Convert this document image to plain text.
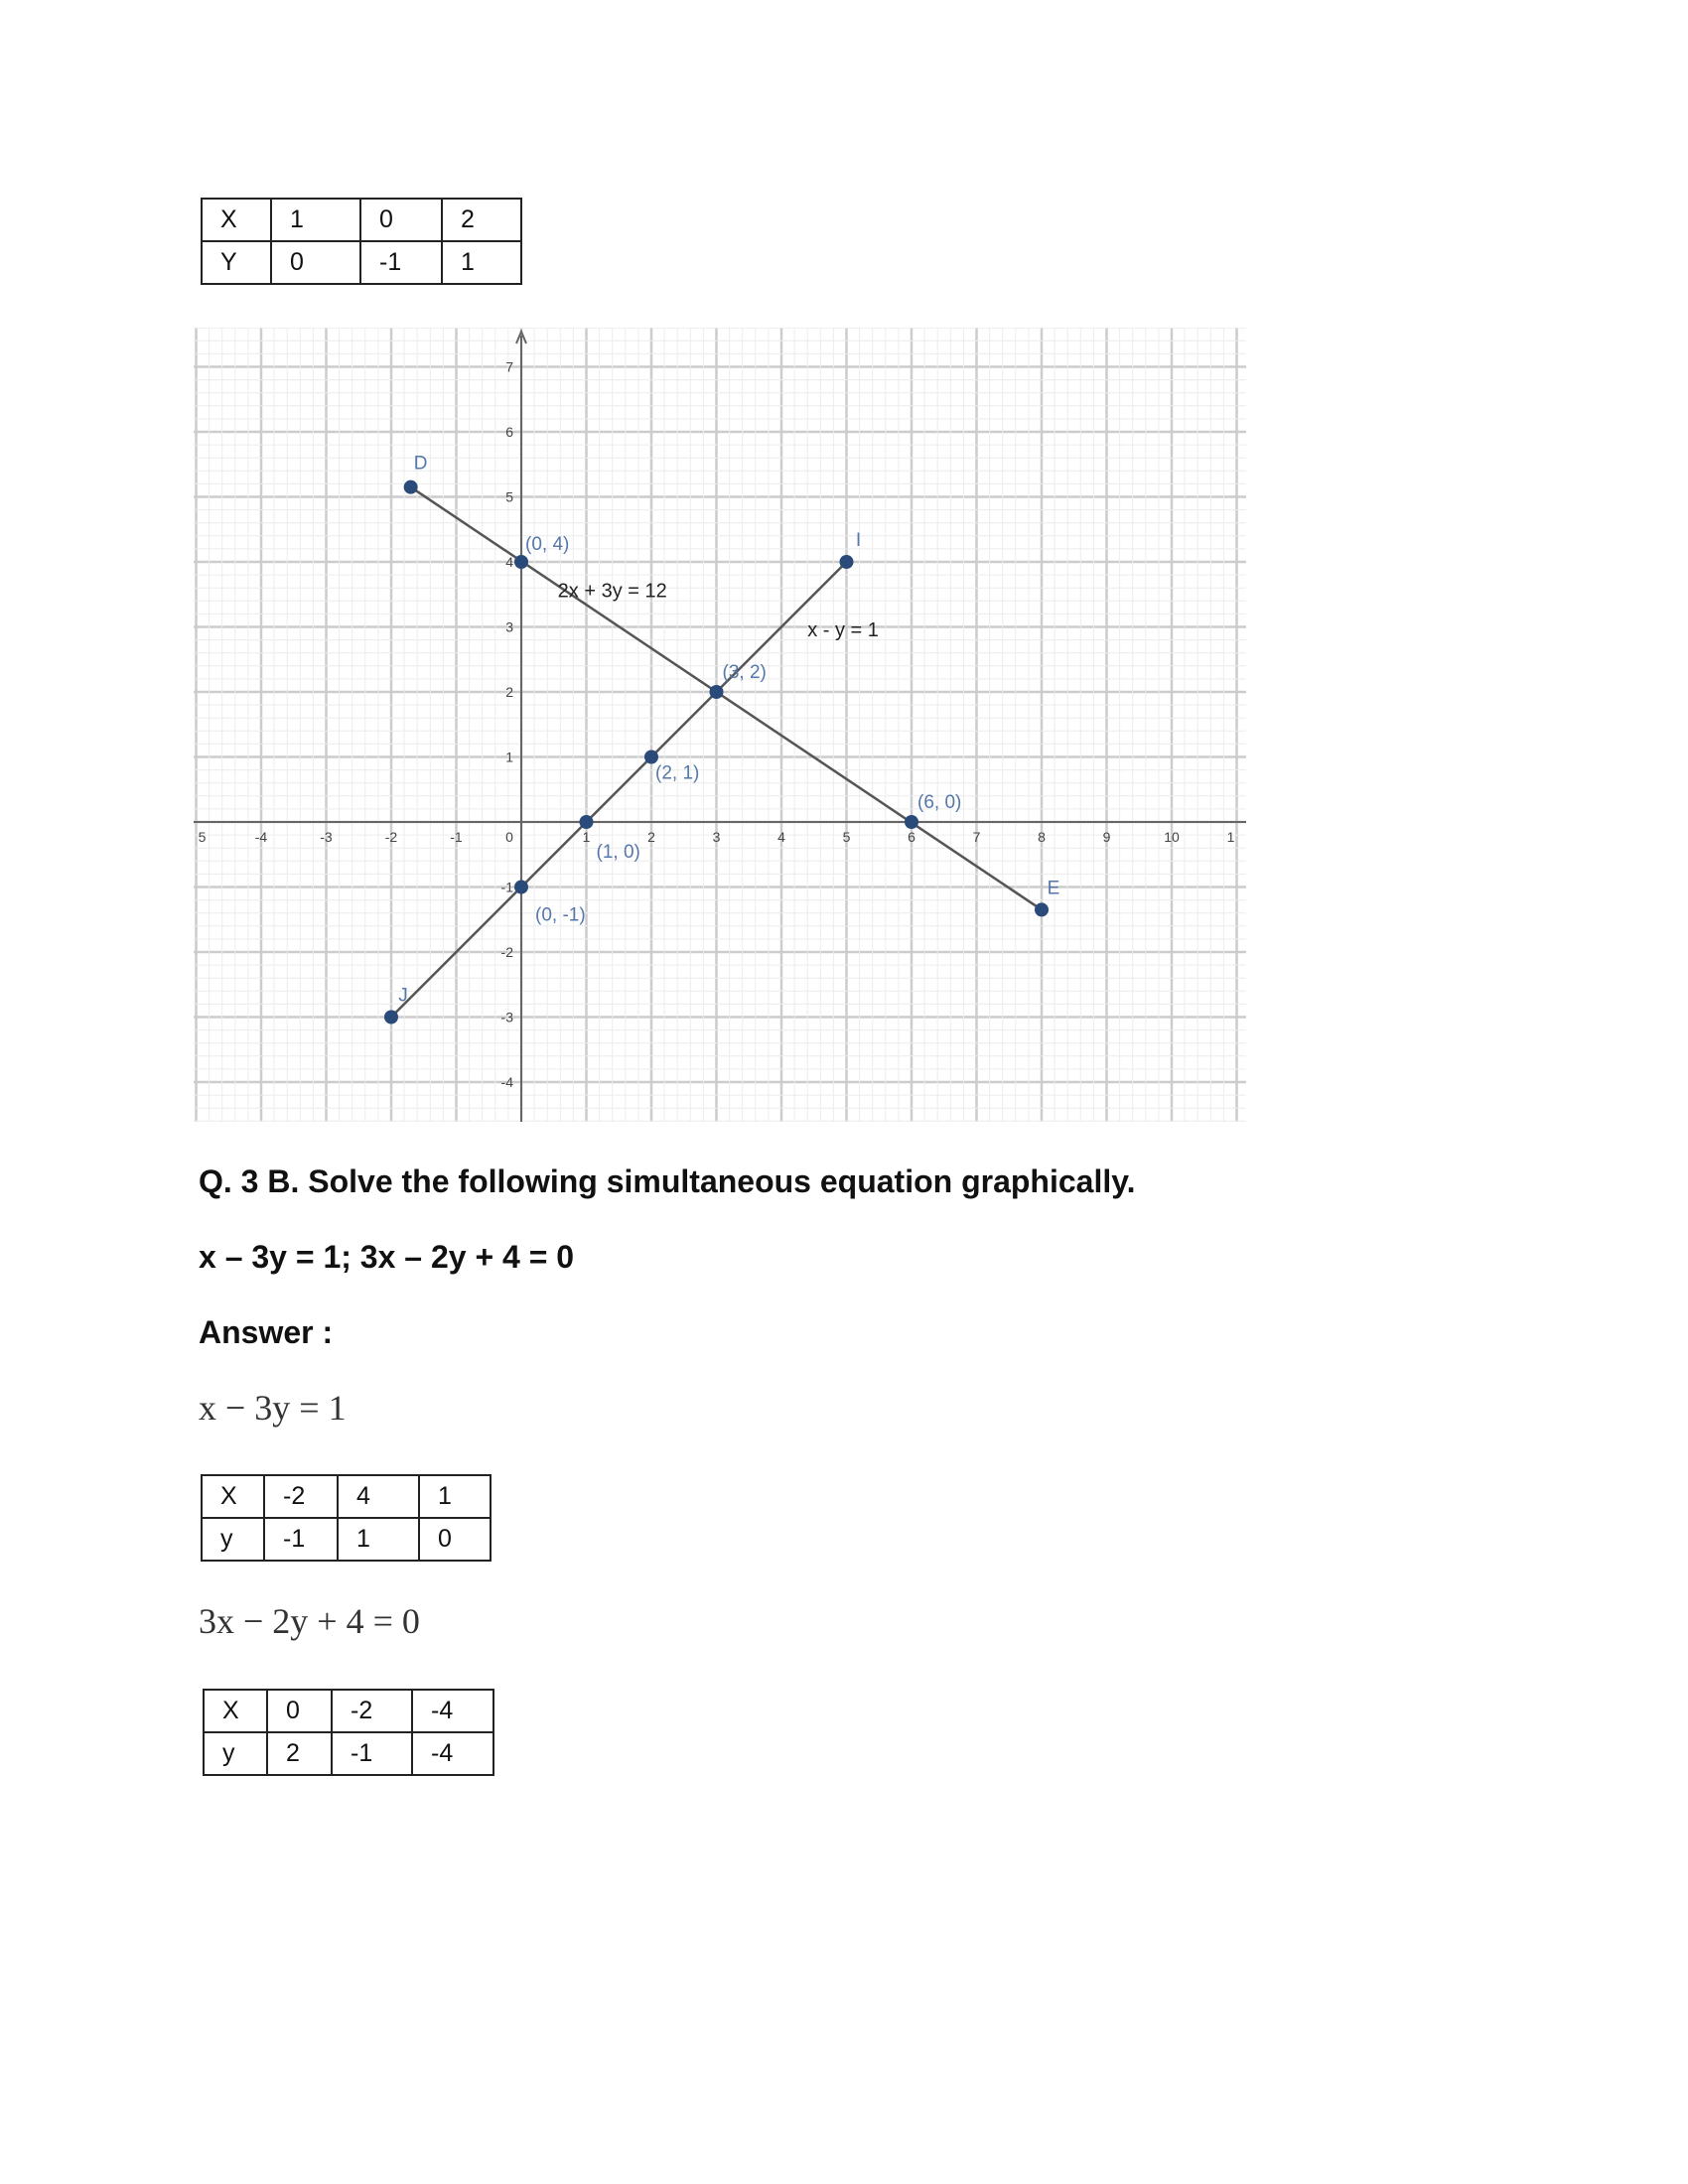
X	1	0	2
Y	0	-1	1
5	-4	-3	-2	-1	0	1	2	3	4	5	6	7	8	9	10	1
7
6
5
4
3
2
1
-1
-2
-3
-4
D
(0, 4)
(3, 2)
(6, 0)
E
I
(2, 1)
(1, 0)
(0, -1)
J
2x + 3y = 12
x - y = 1
Q. 3 B. Solve the following simultaneous equation graphically.
x – 3y = 1; 3x – 2y + 4 = 0
Answer :
x − 3y = 1
X	-2	4	1
y	-1	1	0
3x − 2y + 4 = 0
X	0	-2	-4
y	2	-1	-4
